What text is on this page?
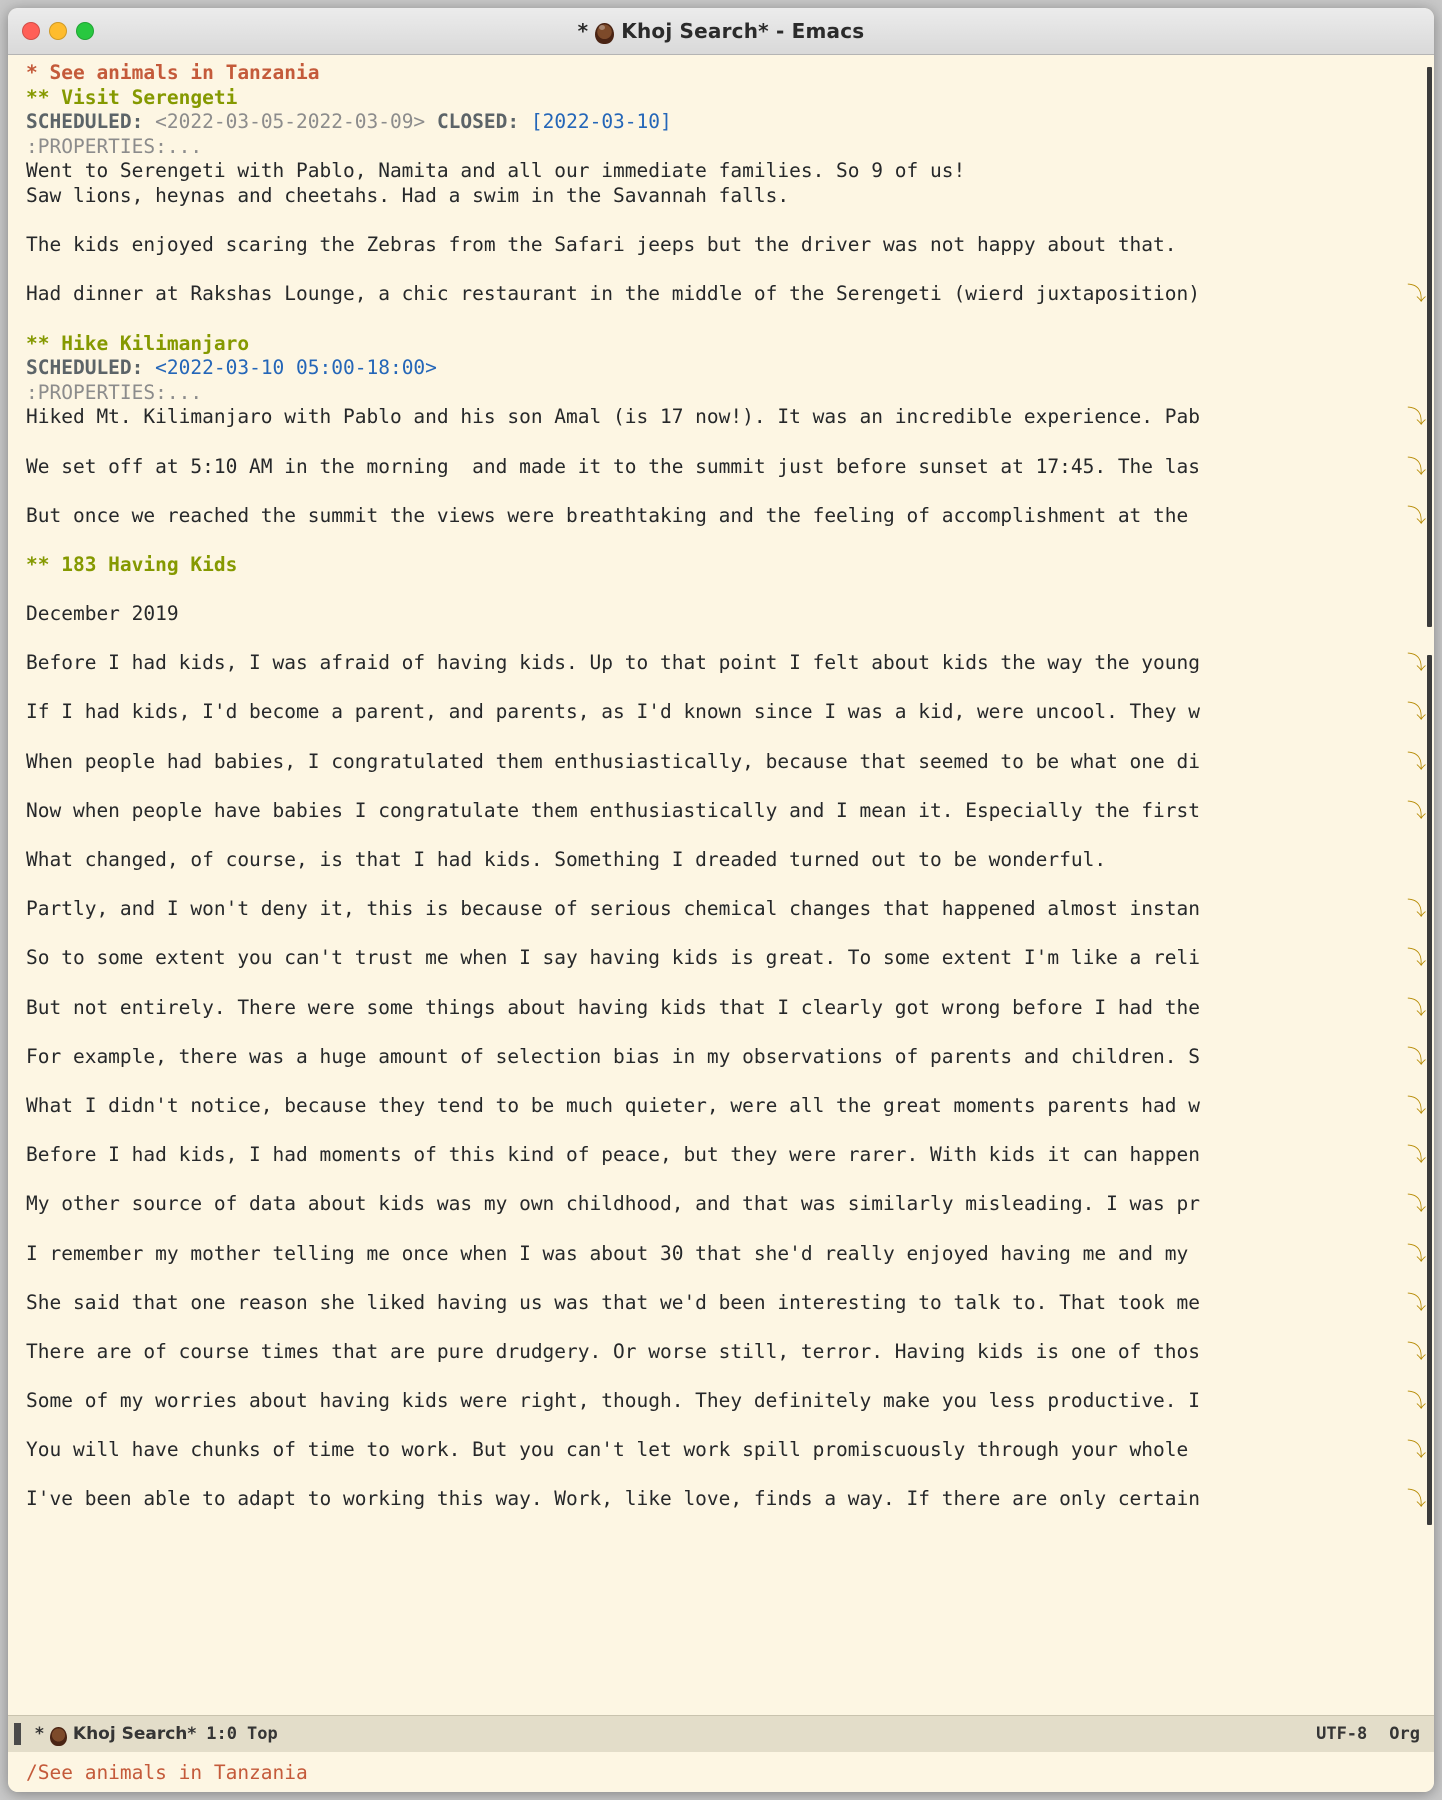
* Khoj Search* - Emacs
* See animals in Tanzania
** Visit Serengeti
SCHEDULED: <2022-03-05-2022-03-09> CLOSED: [2022-03-10]
:PROPERTIES:...
Went to Serengeti with Pablo, Namita and all our immediate families. So 9 of us!
Saw lions, heynas and cheetahs. Had a swim in the Savannah falls.
The kids enjoyed scaring the Zebras from the Safari jeeps but the driver was not happy about that.
Had dinner at Rakshas Lounge, a chic restaurant in the middle of the Serengeti (wierd juxtaposition)	⤵
** Hike Kilimanjaro
SCHEDULED: <2022-03-10 05:00-18:00>
:PROPERTIES:...
Hiked Mt. Kilimanjaro with Pablo and his son Amal (is 17 now!). It was an incredible experience. Pab	⤵
We set off at 5:10 AM in the morning  and made it to the summit just before sunset at 17:45. The las	⤵
But once we reached the summit the views were breathtaking and the feeling of accomplishment at the	⤵
** 183 Having Kids
December 2019
Before I had kids, I was afraid of having kids. Up to that point I felt about kids the way the young	⤵
If I had kids, I'd become a parent, and parents, as I'd known since I was a kid, were uncool. They w	⤵
When people had babies, I congratulated them enthusiastically, because that seemed to be what one di	⤵
Now when people have babies I congratulate them enthusiastically and I mean it. Especially the first	⤵
What changed, of course, is that I had kids. Something I dreaded turned out to be wonderful.
Partly, and I won't deny it, this is because of serious chemical changes that happened almost instan	⤵
So to some extent you can't trust me when I say having kids is great. To some extent I'm like a reli	⤵
But not entirely. There were some things about having kids that I clearly got wrong before I had the	⤵
For example, there was a huge amount of selection bias in my observations of parents and children. S	⤵
What I didn't notice, because they tend to be much quieter, were all the great moments parents had w	⤵
Before I had kids, I had moments of this kind of peace, but they were rarer. With kids it can happen	⤵
My other source of data about kids was my own childhood, and that was similarly misleading. I was pr	⤵
I remember my mother telling me once when I was about 30 that she'd really enjoyed having me and my	⤵
She said that one reason she liked having us was that we'd been interesting to talk to. That took me	⤵
There are of course times that are pure drudgery. Or worse still, terror. Having kids is one of thos	⤵
Some of my worries about having kids were right, though. They definitely make you less productive. I	⤵
You will have chunks of time to work. But you can't let work spill promiscuously through your whole	⤵
I've been able to adapt to working this way. Work, like love, finds a way. If there are only certain	⤵
* Khoj Search* 1:0 Top	UTF-8 Org
/See animals in Tanzania
